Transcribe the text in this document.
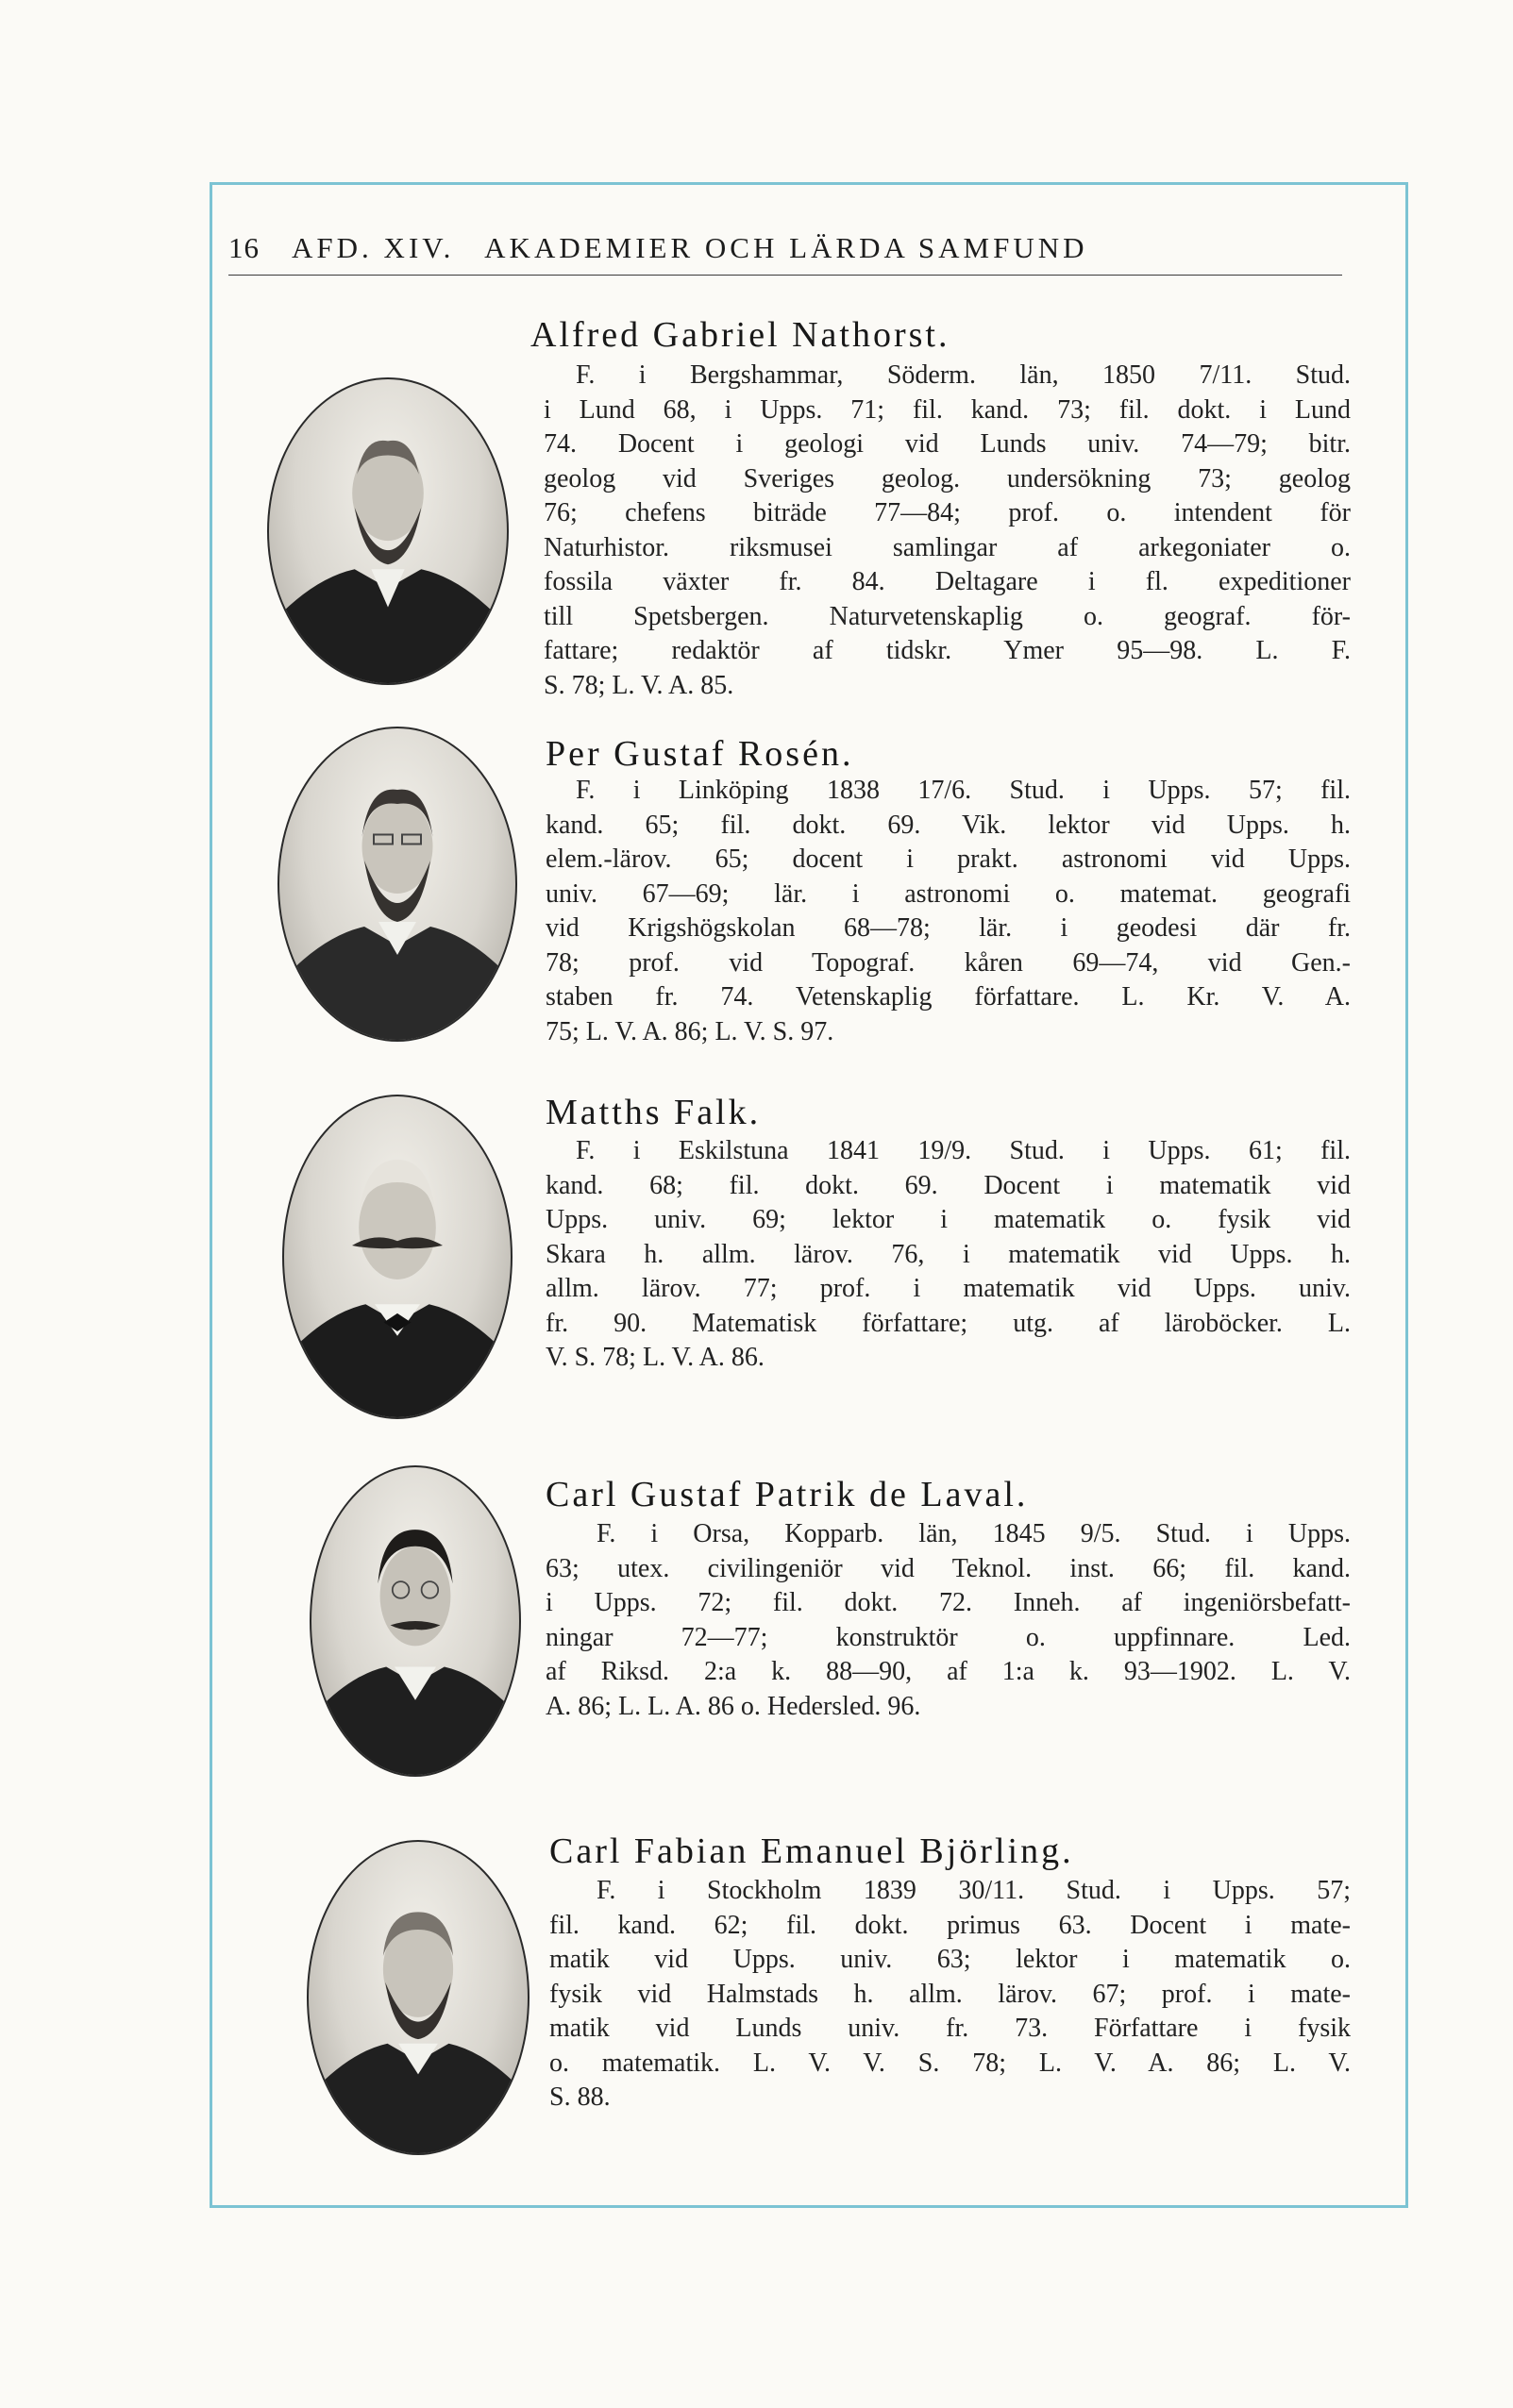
16 AFD. XIV. AKADEMIER OCH LÄRDA SAMFUND
Alfred Gabriel Nathorst.
F. i Bergshammar, Söderm. län, 1850 7/11. Stud.
i Lund 68, i Upps. 71; fil. kand. 73; fil. dokt. i Lund
74. Docent i geologi vid Lunds univ. 74—79; bitr.
geolog vid Sveriges geolog. undersökning 73; geolog
76; chefens biträde 77—84; prof. o. intendent för
Naturhistor. riksmusei samlingar af arkegoniater o.
fossila växter fr. 84. Deltagare i fl. expeditioner
till Spetsbergen. Naturvetenskaplig o. geograf. för-
fattare; redaktör af tidskr. Ymer 95—98. L. F.
S. 78; L. V. A. 85.
Per Gustaf Rosén.
F. i Linköping 1838 17/6. Stud. i Upps. 57; fil.
kand. 65; fil. dokt. 69. Vik. lektor vid Upps. h.
elem.-lärov. 65; docent i prakt. astronomi vid Upps.
univ. 67—69; lär. i astronomi o. matemat. geografi
vid Krigshögskolan 68—78; lär. i geodesi där fr.
78; prof. vid Topograf. kåren 69—74, vid Gen.-
staben fr. 74. Vetenskaplig författare. L. Kr. V. A.
75; L. V. A. 86; L. V. S. 97.
Matths Falk.
F. i Eskilstuna 1841 19/9. Stud. i Upps. 61; fil.
kand. 68; fil. dokt. 69. Docent i matematik vid
Upps. univ. 69; lektor i matematik o. fysik vid
Skara h. allm. lärov. 76, i matematik vid Upps. h.
allm. lärov. 77; prof. i matematik vid Upps. univ.
fr. 90. Matematisk författare; utg. af läroböcker. L.
V. S. 78; L. V. A. 86.
Carl Gustaf Patrik de Laval.
F. i Orsa, Kopparb. län, 1845 9/5. Stud. i Upps.
63; utex. civilingeniör vid Teknol. inst. 66; fil. kand.
i Upps. 72; fil. dokt. 72. Inneh. af ingeniörsbefatt-
ningar 72—77; konstruktör o. uppfinnare. Led.
af Riksd. 2:a k. 88—90, af 1:a k. 93—1902. L. V.
A. 86; L. L. A. 86 o. Hedersled. 96.
Carl Fabian Emanuel Björling.
F. i Stockholm 1839 30/11. Stud. i Upps. 57;
fil. kand. 62; fil. dokt. primus 63. Docent i mate-
matik vid Upps. univ. 63; lektor i matematik o.
fysik vid Halmstads h. allm. lärov. 67; prof. i mate-
matik vid Lunds univ. fr. 73. Författare i fysik
o. matematik. L. V. V. S. 78; L. V. A. 86; L. V.
S. 88.
